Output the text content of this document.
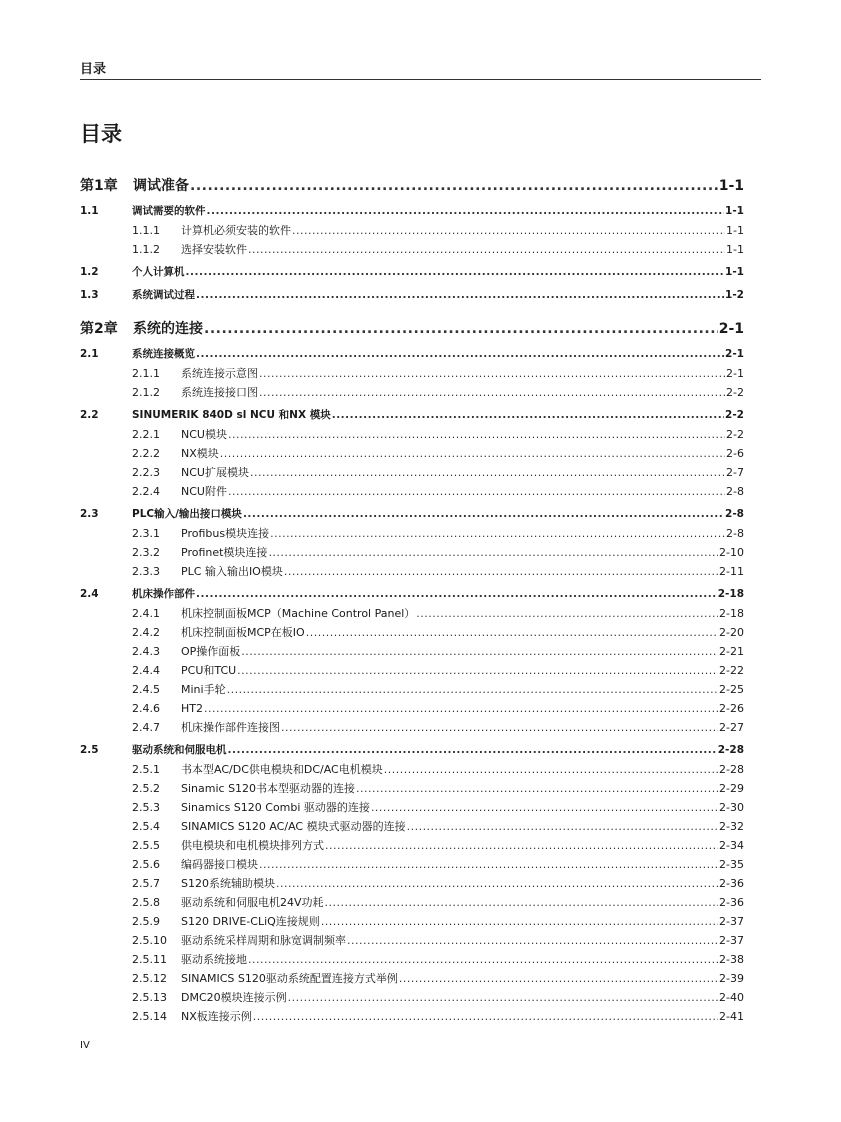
目录
目录
第1章	调试准备 .....	1-1
1.1	调试需要的软件 .....	1-1
1.1.1	计算机必须安装的软件 .....	1-1
1.1.2	选择安装软件 .....	1-1
1.2	个人计算机 .....	1-1
1.3	系统调试过程 .....	1-2
第2章	系统的连接 .....	2-1
2.1	系统连接概览 .....	2-1
2.1.1	系统连接示意图 .....	2-1
2.1.2	系统连接接口图 .....	2-2
2.2	SINUMERIK 840D sl NCU 和NX 模块 .....	2-2
2.2.1	NCU模块 .....	2-2
2.2.2	NX模块 .....	2-6
2.2.3	NCU扩展模块 .....	2-7
2.2.4	NCU附件 .....	2-8
2.3	PLC输入/输出接口模块 .....	2-8
2.3.1	Profibus模块连接 .....	2-8
2.3.2	Profinet模块连接 .....	2-10
2.3.3	PLC 输入输出IO模块 .....	2-11
2.4	机床操作部件 .....	2-18
2.4.1	机床控制面板MCP（Machine Control Panel） .....	2-18
2.4.2	机床控制面板MCP在板IO .....	2-20
2.4.3	OP操作面板 .....	2-21
2.4.4	PCU和TCU .....	2-22
2.4.5	Mini手轮 .....	2-25
2.4.6	HT2 .....	2-26
2.4.7	机床操作部件连接图 .....	2-27
2.5	驱动系统和伺服电机 .....	2-28
2.5.1	书本型AC/DC供电模块和DC/AC电机模块 .....	2-28
2.5.2	Sinamic S120书本型驱动器的连接 .....	2-29
2.5.3	Sinamics S120 Combi 驱动器的连接 .....	2-30
2.5.4	SINAMICS S120 AC/AC 模块式驱动器的连接 .....	2-32
2.5.5	供电模块和电机模块排列方式 .....	2-34
2.5.6	编码器接口模块 .....	2-35
2.5.7	S120系统辅助模块 .....	2-36
2.5.8	驱动系统和伺服电机24V功耗 .....	2-36
2.5.9	S120 DRIVE-CLiQ连接规则 .....	2-37
2.5.10	驱动系统采样周期和脉宽调制频率 .....	2-37
2.5.11	驱动系统接地 .....	2-38
2.5.12	SINAMICS S120驱动系统配置连接方式举例 .....	2-39
2.5.13	DMC20模块连接示例 .....	2-40
2.5.14	NX板连接示例 .....	2-41
IV
